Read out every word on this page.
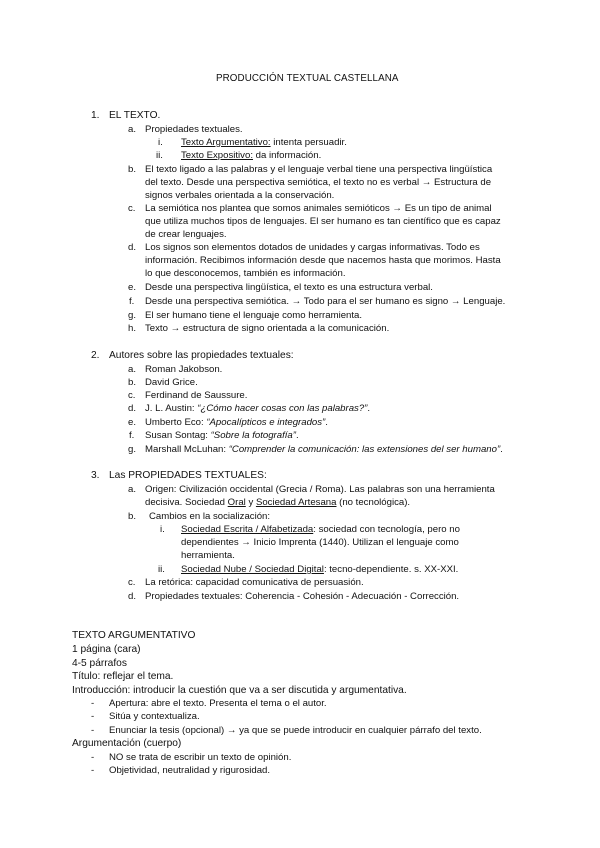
PRODUCCIÓN TEXTUAL CASTELLANA
1. EL TEXTO.
a. Propiedades textuales.
i. Texto Argumentativo: intenta persuadir.
ii. Texto Expositivo: da información.
b. El texto ligado a las palabras y el lenguaje verbal tiene una perspectiva lingüística
del texto. Desde una perspectiva semiótica, el texto no es verbal → Estructura de
signos verbales orientada a la conservación.
c. La semiótica nos plantea que somos animales semióticos → Es un tipo de animal
que utiliza muchos tipos de lenguajes. El ser humano es tan científico que es capaz
de crear lenguajes.
d. Los signos son elementos dotados de unidades y cargas informativas. Todo es
información. Recibimos información desde que nacemos hasta que morimos. Hasta
lo que desconocemos, también es información.
e. Desde una perspectiva lingüística, el texto es una estructura verbal.
f. Desde una perspectiva semiótica. → Todo para el ser humano es signo → Lenguaje.
g. El ser humano tiene el lenguaje como herramienta.
h. Texto → estructura de signo orientada a la comunicación.
2. Autores sobre las propiedades textuales:
a. Roman Jakobson.
b. David Grice.
c. Ferdinand de Saussure.
d. J. L. Austin: “¿Cómo hacer cosas con las palabras?”.
e. Umberto Eco: “Apocalípticos e integrados”.
f. Susan Sontag: “Sobre la fotografía”.
g. Marshall McLuhan: “Comprender la comunicación: las extensiones del ser humano”.
3. Las PROPIEDADES TEXTUALES:
a. Origen: Civilización occidental (Grecia / Roma). Las palabras son una herramienta
decisiva. Sociedad Oral y Sociedad Artesana (no tecnológica).
b. Cambios en la socialización:
i. Sociedad Escrita / Alfabetizada: sociedad con tecnología, pero no
dependientes → Inicio Imprenta (1440). Utilizan el lenguaje como
herramienta.
ii. Sociedad Nube / Sociedad Digital: tecno-dependiente. s. XX-XXI.
c. La retórica: capacidad comunicativa de persuasión.
d. Propiedades textuales: Coherencia - Cohesión - Adecuación - Corrección.
TEXTO ARGUMENTATIVO
1 página (cara)
4-5 párrafos
Título: reflejar el tema.
Introducción: introducir la cuestión que va a ser discutida y argumentativa.
- Apertura: abre el texto. Presenta el tema o el autor.
- Sitúa y contextualiza.
- Enunciar la tesis (opcional) → ya que se puede introducir en cualquier párrafo del texto.
Argumentación (cuerpo)
- NO se trata de escribir un texto de opinión.
- Objetividad, neutralidad y rigurosidad.
